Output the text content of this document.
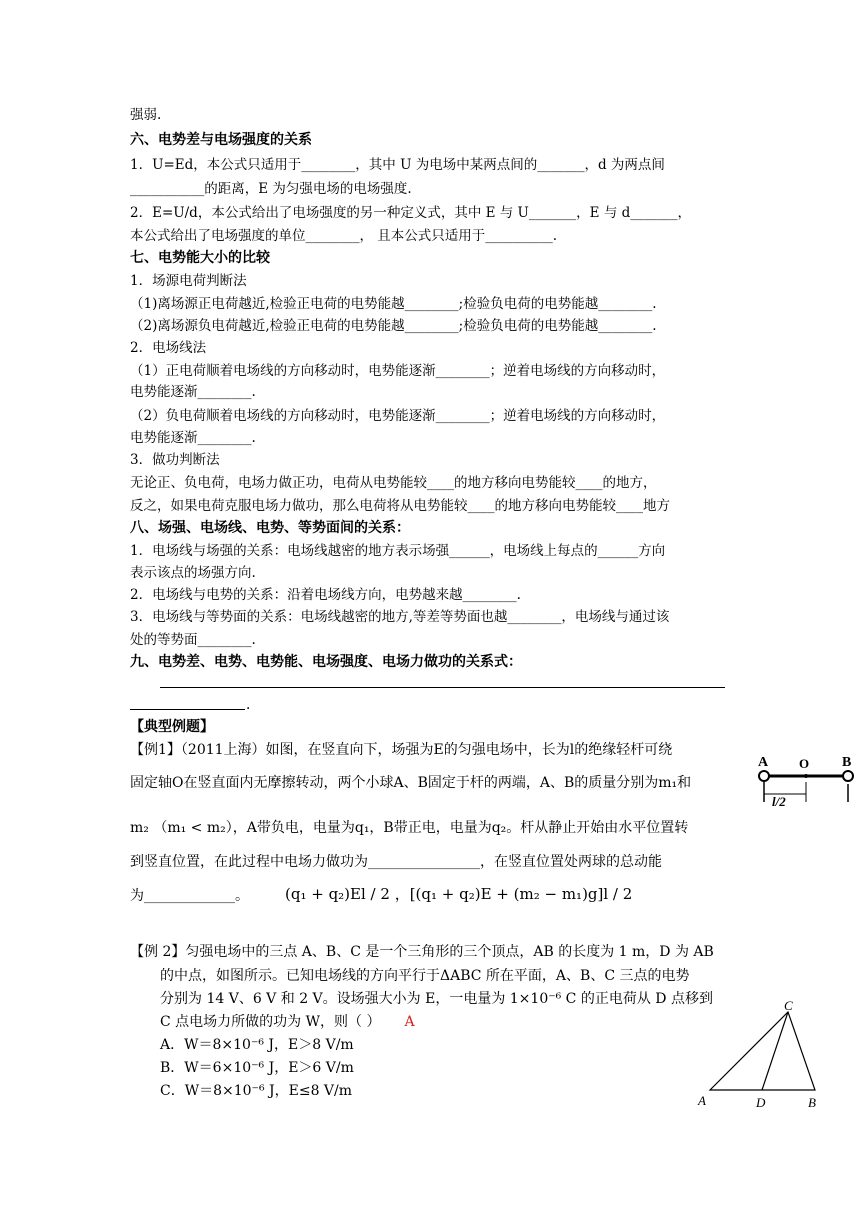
强弱.
六、电势差与电场强度的关系
1．U=Ed，本公式只适用于________，其中 U 为电场中某两点间的_______，d 为两点间
___________的距离，E 为匀强电场的电场强度.
2．E=U/d，本公式给出了电场强度的另一种定义式，其中 E 与 U_______，E 与 d_______，
本公式给出了电场强度的单位________， 且本公式只适用于__________.
七、电势能大小的比较
1．场源电荷判断法
（1)离场源正电荷越近,检验正电荷的电势能越________;检验负电荷的电势能越________.
（2)离场源负电荷越近,检验正电荷的电势能越________;检验负电荷的电势能越________.
2．电场线法
（1）正电荷顺着电场线的方向移动时，电势能逐渐________；逆着电场线的方向移动时，
电势能逐渐________.
（2）负电荷顺着电场线的方向移动时，电势能逐渐________；逆着电场线的方向移动时，
电势能逐渐________.
3．做功判断法
无论正、负电荷，电场力做正功，电荷从电势能较____的地方移向电势能较____的地方，
反之，如果电荷克服电场力做功，那么电荷将从电势能较____的地方移向电势能较____地方
八、场强、电场线、电势、等势面间的关系：
1．电场线与场强的关系：电场线越密的地方表示场强______，电场线上每点的______方向
表示该点的场强方向.
2．电场线与电势的关系：沿着电场线方向，电势越来越________.
3．电场线与等势面的关系：电场线越密的地方,等差等势面也越________，电场线与通过该
处的等势面________.
九、电势差、电势、电势能、电场强度、电场力做功的关系式：
.
【典型例题】
【例1】（2011上海）如图，在竖直向下，场强为E的匀强电场中，长为l的绝缘轻杆可绕
固定轴O在竖直面内无摩擦转动，两个小球A、B固定于杆的两端，A、B的质量分别为m₁和
m₂ （m₁ < m₂），A带负电，电量为q₁，B带正电，电量为q₂。杆从静止开始由水平位置转
到竖直位置，在此过程中电场力做功为________________，在竖直位置处两球的总动能
为_____________。 (q₁ + q₂)El / 2 ，[(q₁ + q₂)E + (m₂ − m₁)g]l / 2
A O B
l/2
【例 2】匀强电场中的三点 A、B、C 是一个三角形的三个顶点，AB 的长度为 1 m，D 为 AB
的中点，如图所示。已知电场线的方向平行于ΔABC 所在平面，A、B、C 三点的电势
分别为 14 V、6 V 和 2 V。设场强大小为 E，一电量为 1×10⁻⁶ C 的正电荷从 D 点移到
C 点电场力所做的功为 W，则（ ） A
A．W＝8×10⁻⁶ J，E＞8 V/m
B．W＝6×10⁻⁶ J，E＞6 V/m
C．W＝8×10⁻⁶ J，E≤8 V/m
C
A	D	B
